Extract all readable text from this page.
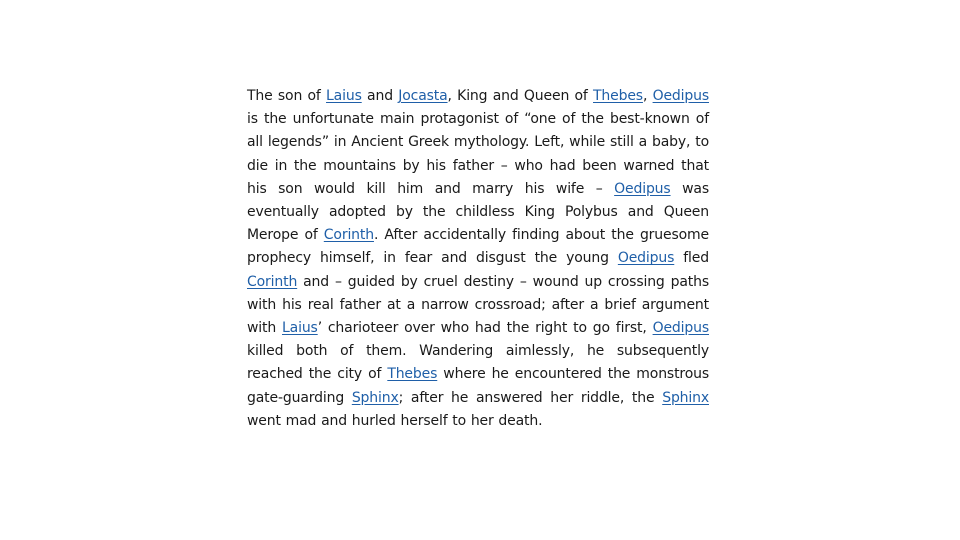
The son of Laius and Jocasta, King and Queen of Thebes, Oedipus is the unfortunate main protagonist of “one of the best-known of all legends” in Ancient Greek mythology. Left, while still a baby, to die in the mountains by his father – who had been warned that his son would kill him and marry his wife – Oedipus was eventually adopted by the childless King Polybus and Queen Merope of Corinth. After accidentally finding about the gruesome prophecy himself, in fear and disgust the young Oedipus fled Corinth and – guided by cruel destiny – wound up crossing paths with his real father at a narrow crossroad; after a brief argument with Laius’ charioteer over who had the right to go first, Oedipus killed both of them. Wandering aimlessly, he subsequently reached the city of Thebes where he encountered the monstrous gate-guarding Sphinx; after he answered her riddle, the Sphinx went mad and hurled herself to her death.
